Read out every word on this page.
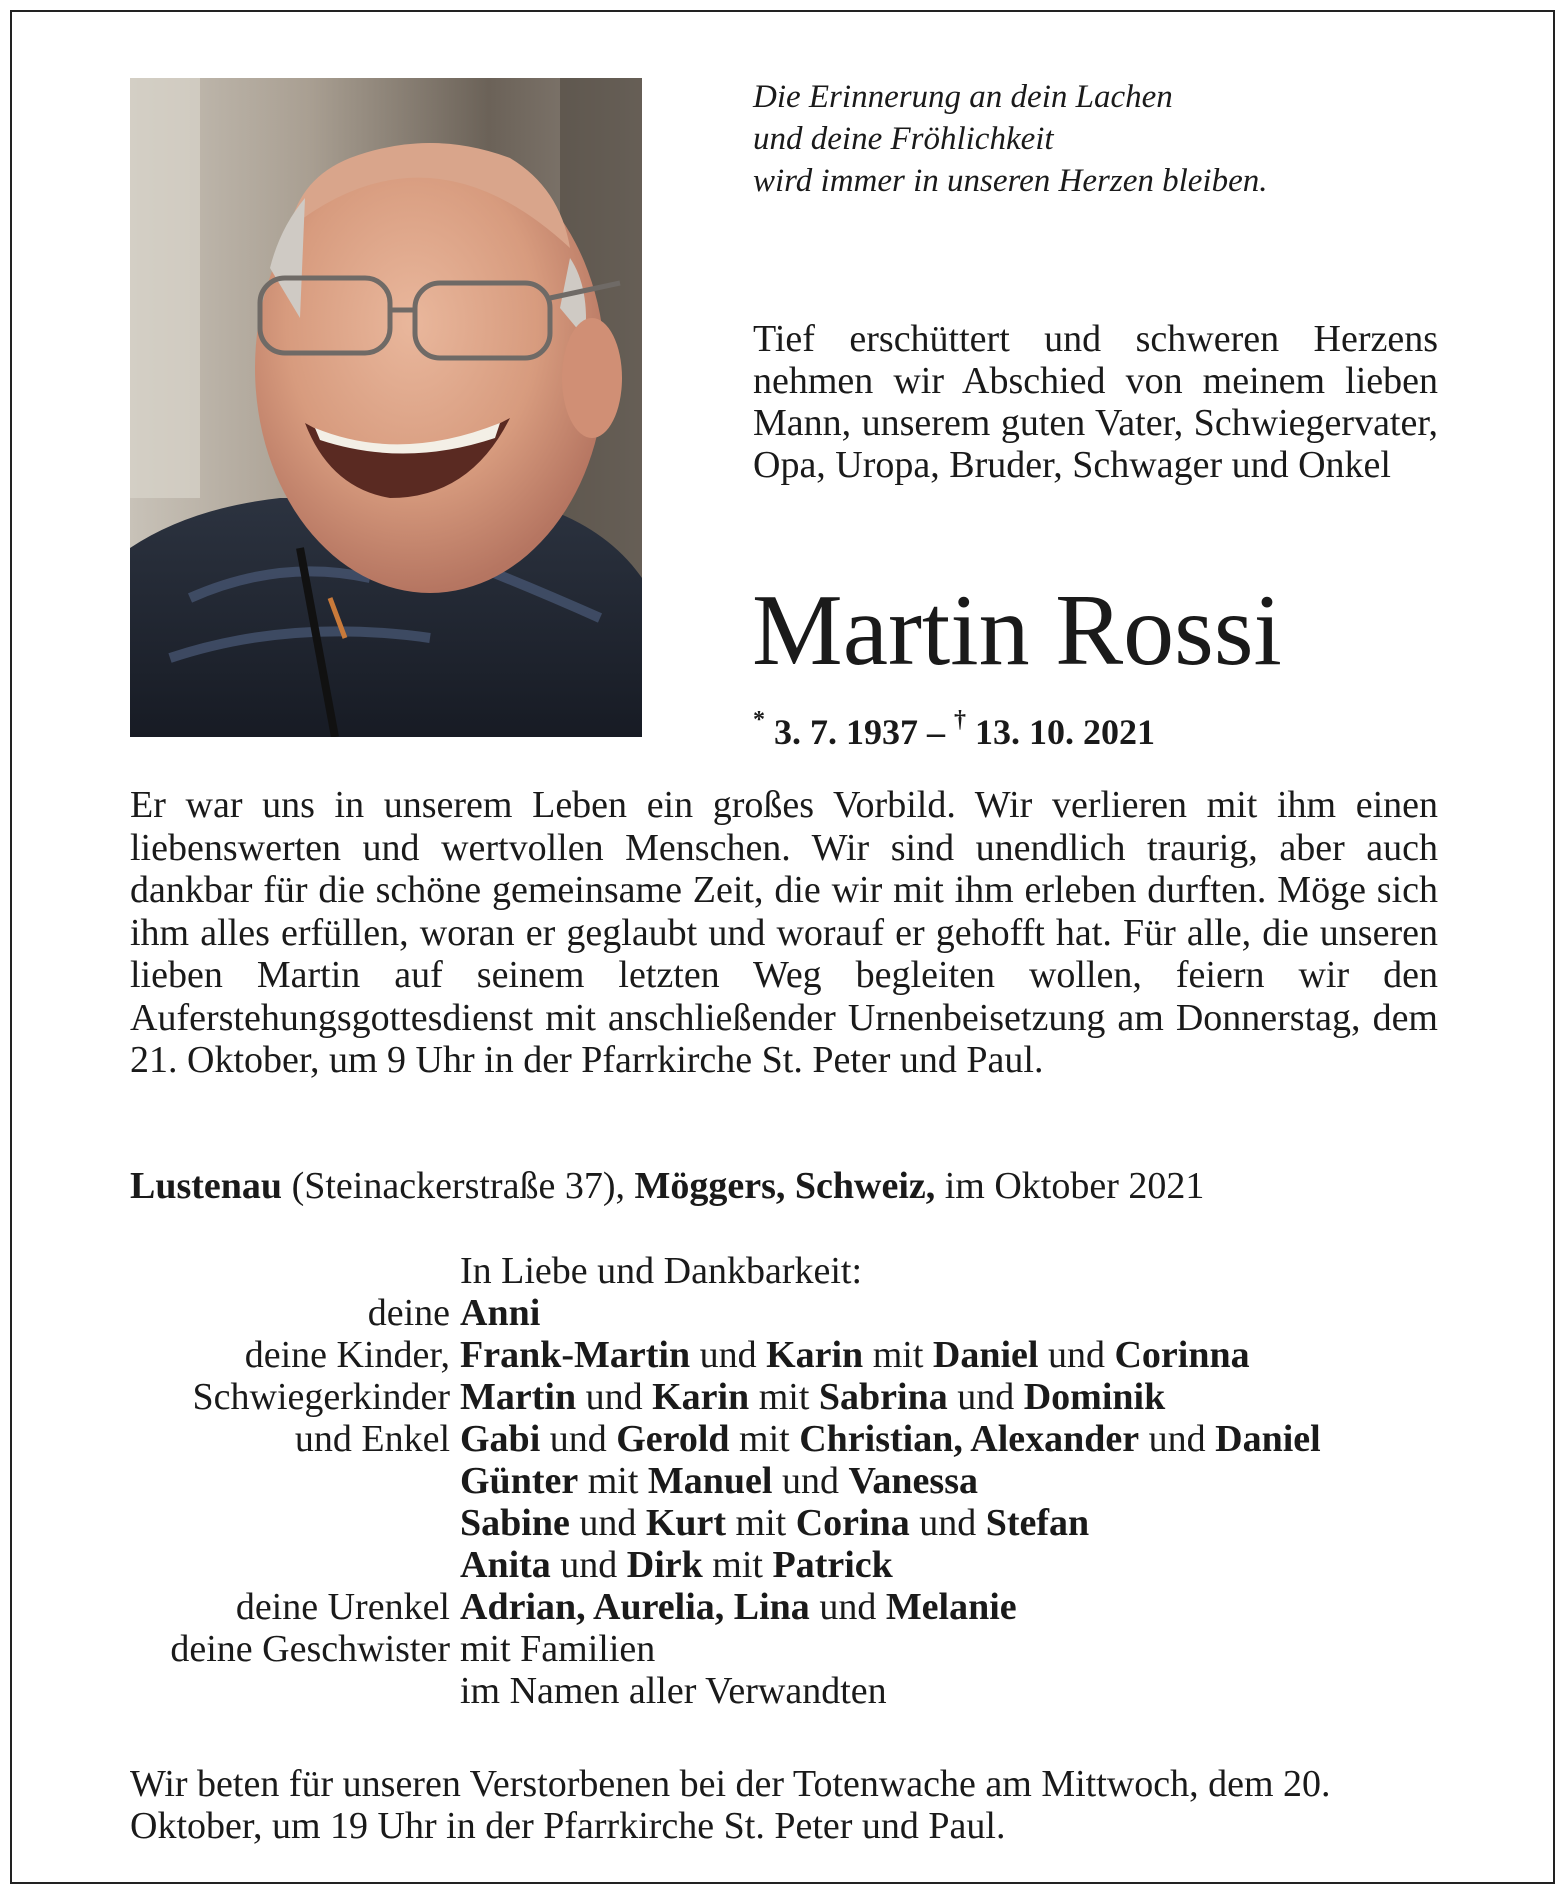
Die Erinnerung an dein Lachen
und deine Fröhlichkeit
wird immer in unseren Herzen bleiben.
Tief erschüttert und schweren Herzens nehmen wir Abschied von meinem lieben Mann, unserem guten Vater, Schwiegervater, Opa, Uropa, Bruder, Schwager und Onkel
Martin Rossi
* 3. 7. 1937 – † 13. 10. 2021

Er war uns in unserem Leben ein großes Vorbild. Wir verlieren mit ihm einen liebenswerten und wertvollen Menschen. Wir sind unendlich traurig, aber auch dankbar für die schöne gemeinsame Zeit, die wir mit ihm erleben durften. Möge sich ihm alles erfüllen, woran er geglaubt und worauf er gehofft hat. Für alle, die unseren lieben Martin auf seinem letzten Weg begleiten wollen, feiern wir den Auferstehungsgottesdienst mit anschließender Urnenbeisetzung am Donnerstag, dem 21. Oktober, um 9 Uhr in der Pfarrkirche St. Peter und Paul.

Lustenau (Steinackerstraße 37), Möggers, Schweiz, im Oktober 2021
In Liebe und Dankbarkeit:
deine Anni
deine Kinder, Frank-Martin und Karin mit Daniel und Corinna
Schwiegerkinder Martin und Karin mit Sabrina und Dominik
und Enkel Gabi und Gerold mit Christian, Alexander und Daniel
Günter mit Manuel und Vanessa
Sabine und Kurt mit Corina und Stefan
Anita und Dirk mit Patrick
deine Urenkel Adrian, Aurelia, Lina und Melanie
deine Geschwister mit Familien
im Namen aller Verwandten
Wir beten für unseren Verstorbenen bei der Totenwache am Mittwoch, dem 20. Oktober, um 19 Uhr in der Pfarrkirche St. Peter und Paul.
